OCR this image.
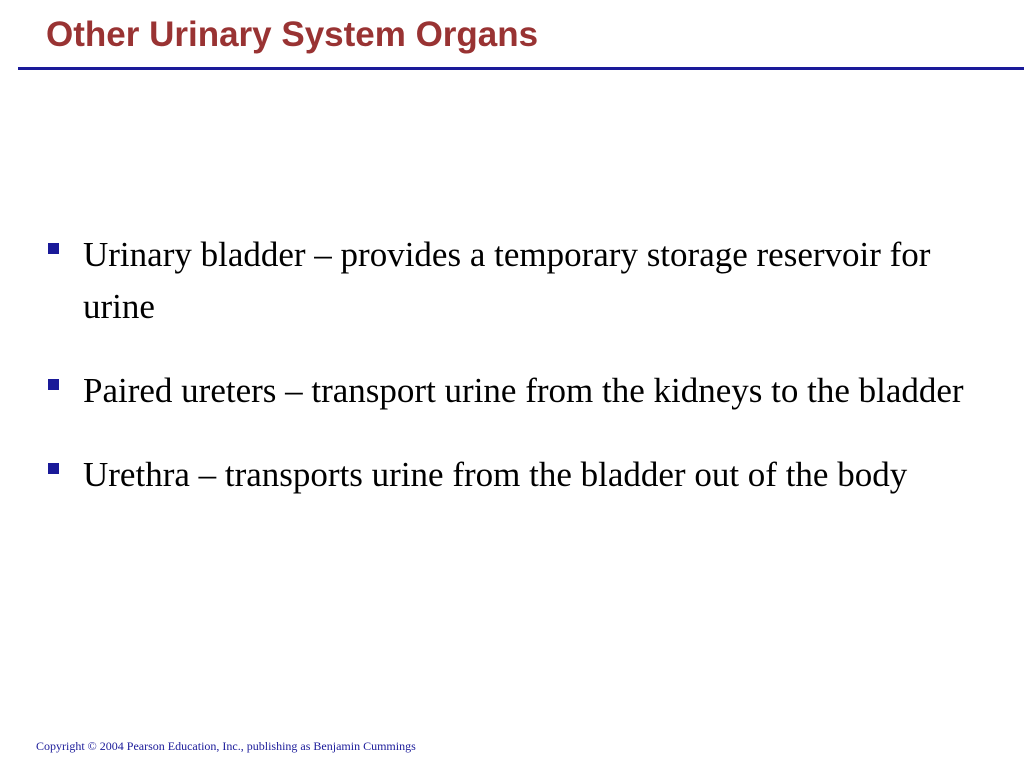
Other Urinary System Organs
Urinary bladder – provides a temporary storage reservoir for urine
Paired ureters – transport urine from the kidneys to the bladder
Urethra – transports urine from the bladder out of the body
Copyright © 2004 Pearson Education, Inc., publishing as Benjamin Cummings
